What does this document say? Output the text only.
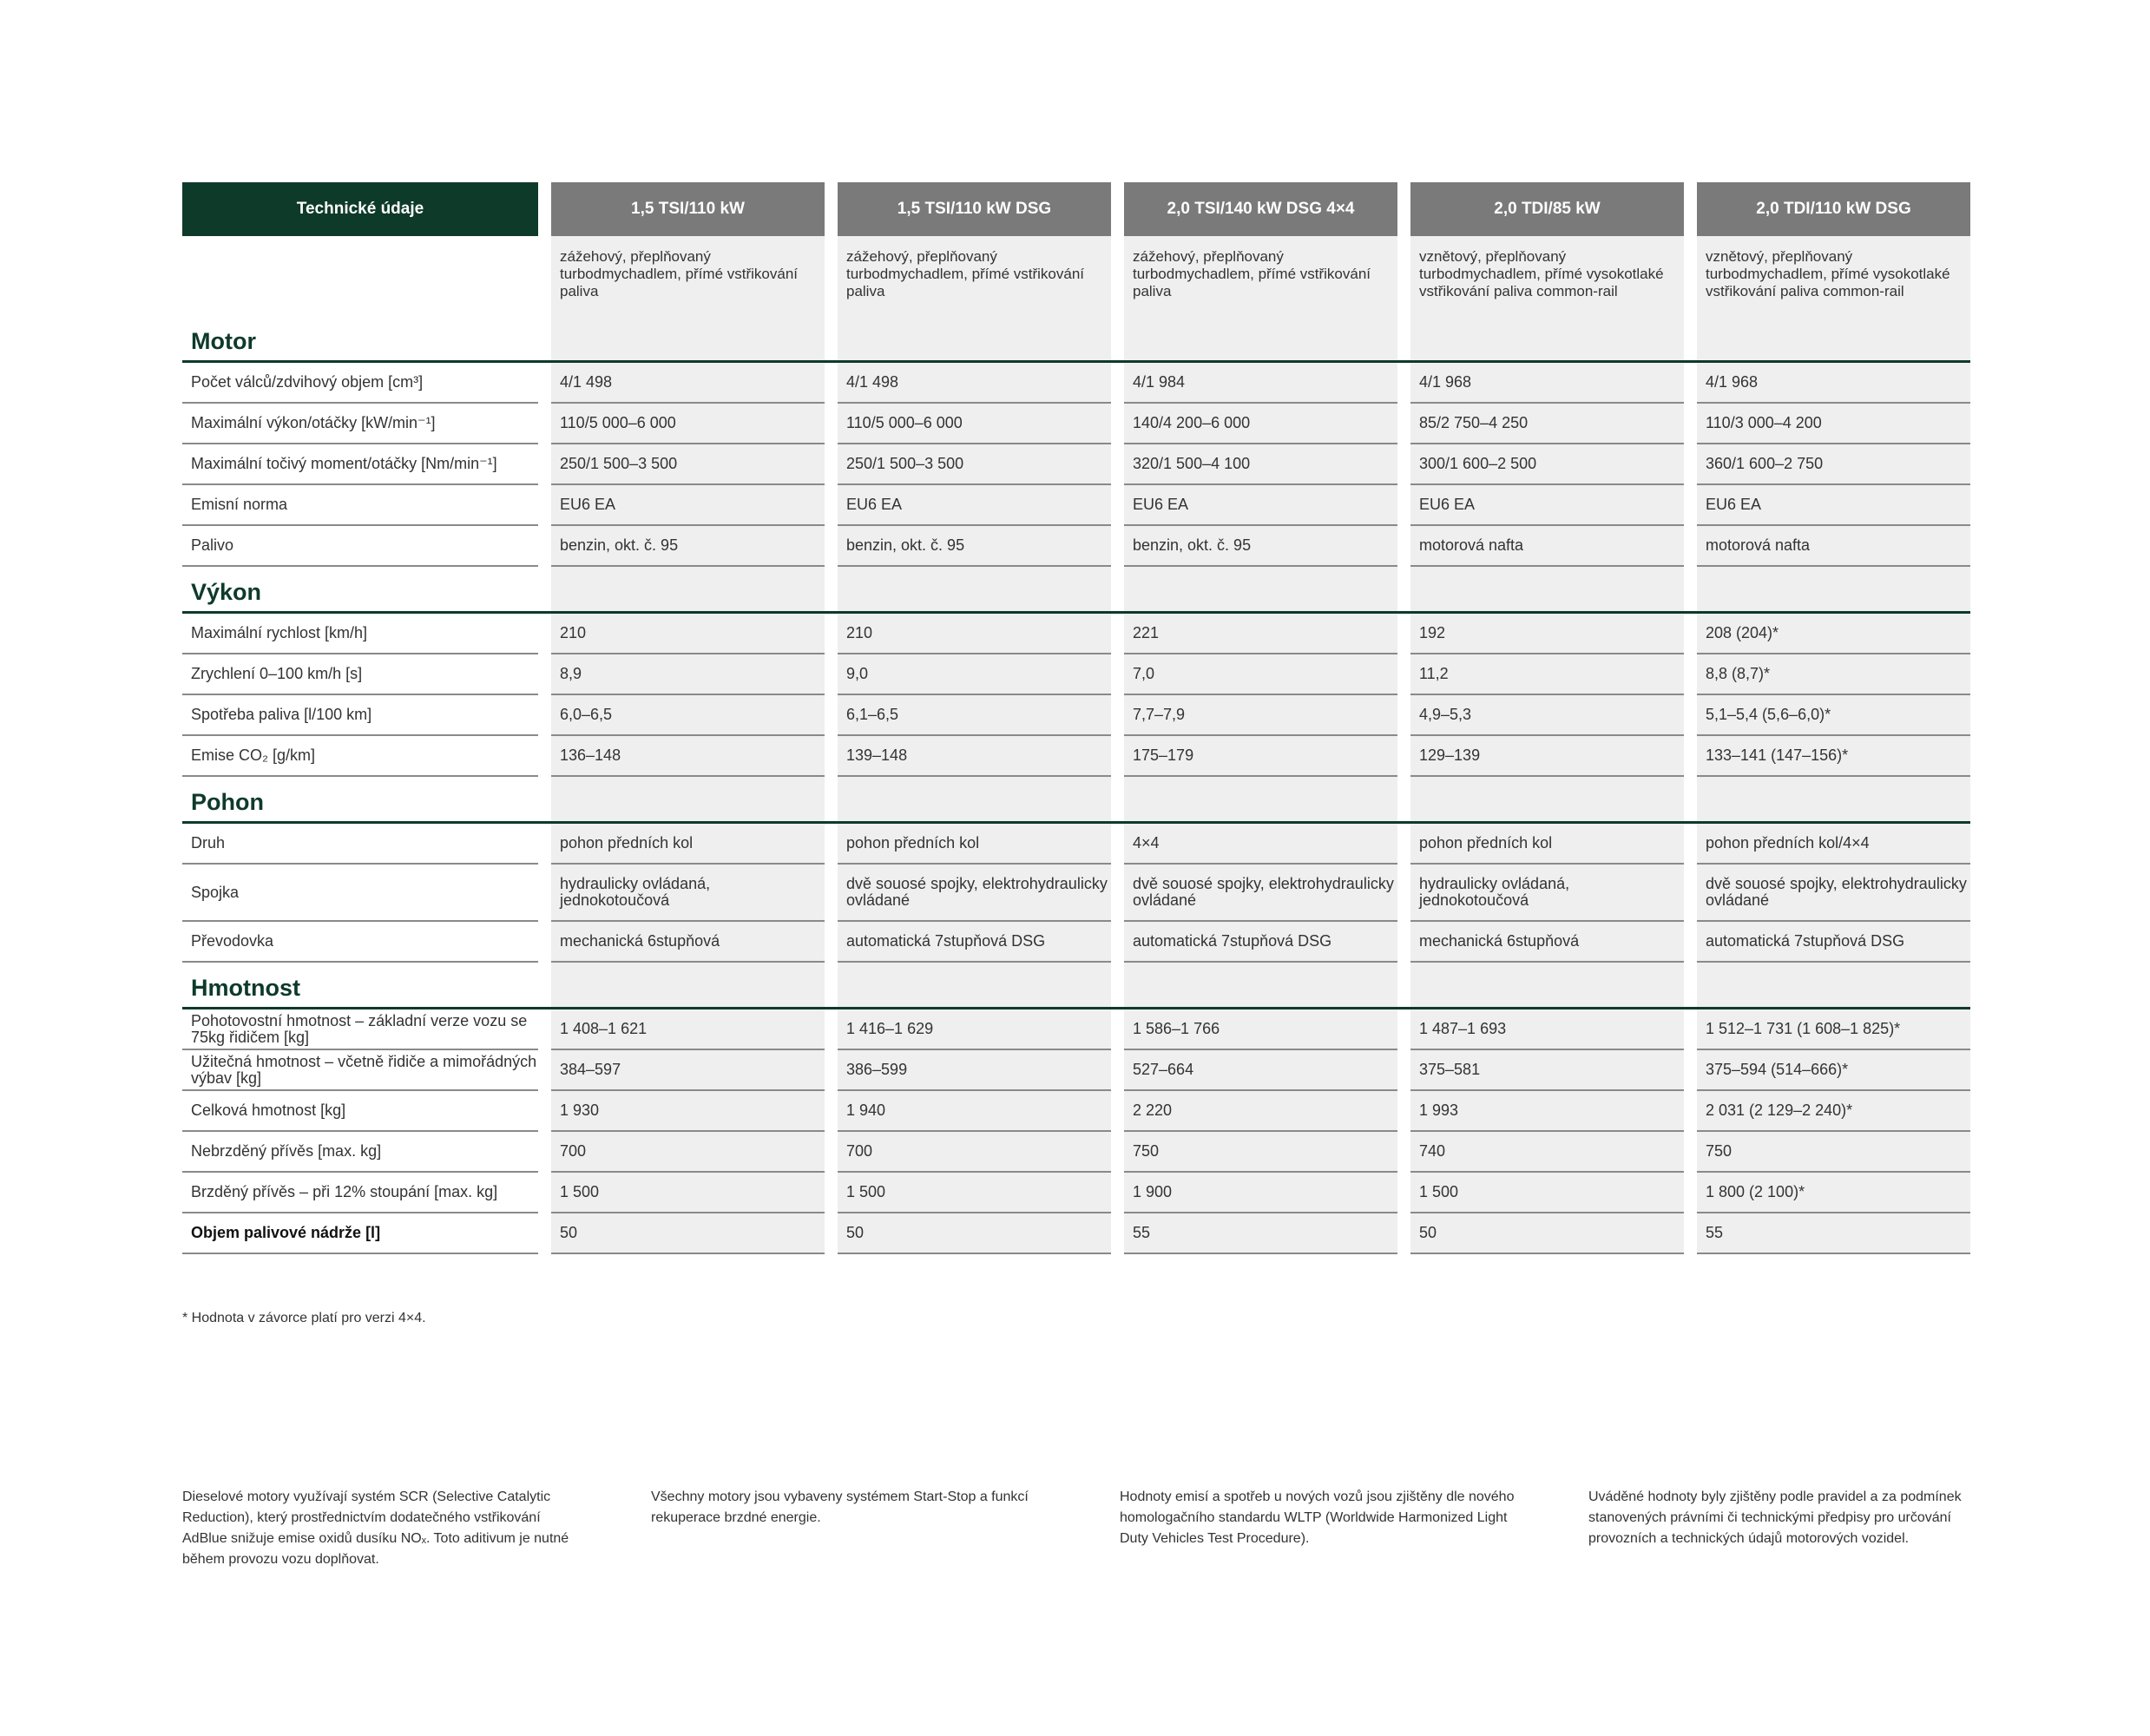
Technické údaje		1,5 TSI/110 kW		1,5 TSI/110 kW DSG		2,0 TSI/140 kW DSG 4×4		2,0 TDI/85 kW		2,0 TDI/110 kW DSG
		zážehový, přeplňovaný turbodmychadlem, přímé vstřikování paliva		zážehový, přeplňovaný turbodmychadlem, přímé vstřikování paliva		zážehový, přeplňovaný turbodmychadlem, přímé vstřikování paliva		vznětový, přeplňovaný turbodmychadlem, přímé vysokotlaké vstřikování paliva common-rail		vznětový, přeplňovaný turbodmychadlem, přímé vysokotlaké vstřikování paliva common-rail
Motor										
Počet válců/zdvihový objem [cm³]		4/1 498		4/1 498		4/1 984		4/1 968		4/1 968
Maximální výkon/otáčky [kW/min⁻¹]		110/5 000–6 000		110/5 000–6 000		140/4 200–6 000		85/2 750–4 250		110/3 000–4 200
Maximální točivý moment/otáčky [Nm/min⁻¹]		250/1 500–3 500		250/1 500–3 500		320/1 500–4 100		300/1 600–2 500		360/1 600–2 750
Emisní norma		EU6 EA		EU6 EA		EU6 EA		EU6 EA		EU6 EA
Palivo		benzin, okt. č. 95		benzin, okt. č. 95		benzin, okt. č. 95		motorová nafta		motorová nafta
Výkon										
Maximální rychlost [km/h]		210		210		221		192		208 (204)*
Zrychlení 0–100 km/h [s]		8,9		9,0		7,0		11,2		8,8 (8,7)*
Spotřeba paliva [l/100 km]		6,0–6,5		6,1–6,5		7,7–7,9		4,9–5,3		5,1–5,4 (5,6–6,0)*
Emise CO₂ [g/km]		136–148		139–148		175–179		129–139		133–141 (147–156)*
Pohon										
Druh		pohon předních kol		pohon předních kol		4×4		pohon předních kol		pohon předních kol/4×4
Spojka		hydraulicky ovládaná, jednokotoučová		dvě souosé spojky, elektrohydraulicky ovládané		dvě souosé spojky, elektrohydraulicky ovládané		hydraulicky ovládaná, jednokotoučová		dvě souosé spojky, elektrohydraulicky ovládané
Převodovka		mechanická 6stupňová		automatická 7stupňová DSG		automatická 7stupňová DSG		mechanická 6stupňová		automatická 7stupňová DSG
Hmotnost										
Pohotovostní hmotnost – základní verze vozu se 75kg řidičem [kg]		1 408–1 621		1 416–1 629		1 586–1 766		1 487–1 693		1 512–1 731 (1 608–1 825)*
Užitečná hmotnost – včetně řidiče a mimořádných výbav [kg]		384–597		386–599		527–664		375–581		375–594 (514–666)*
Celková hmotnost [kg]		1 930		1 940		2 220		1 993		2 031 (2 129–2 240)*
Nebrzděný přívěs [max. kg]		700		700		750		740		750
Brzděný přívěs – při 12% stoupání [max. kg]		1 500		1 500		1 900		1 500		1 800 (2 100)*
Objem palivové nádrže [l]		50		50		55		50		55
* Hodnota v závorce platí pro verzi 4×4.
Dieselové motory využívají systém SCR (Selective Catalytic Reduction), který prostřednictvím dodatečného vstřikování AdBlue snižuje emise oxidů dusíku NOₓ. Toto aditivum je nutné během provozu vozu doplňovat.
Všechny motory jsou vybaveny systémem Start-Stop a funkcí rekuperace brzdné energie.
Hodnoty emisí a spotřeb u nových vozů jsou zjištěny dle nového homologačního standardu WLTP (Worldwide Harmonized Light Duty Vehicles Test Procedure).
Uváděné hodnoty byly zjištěny podle pravidel a za podmínek stanovených právními či technickými předpisy pro určování provozních a technických údajů motorových vozidel.
